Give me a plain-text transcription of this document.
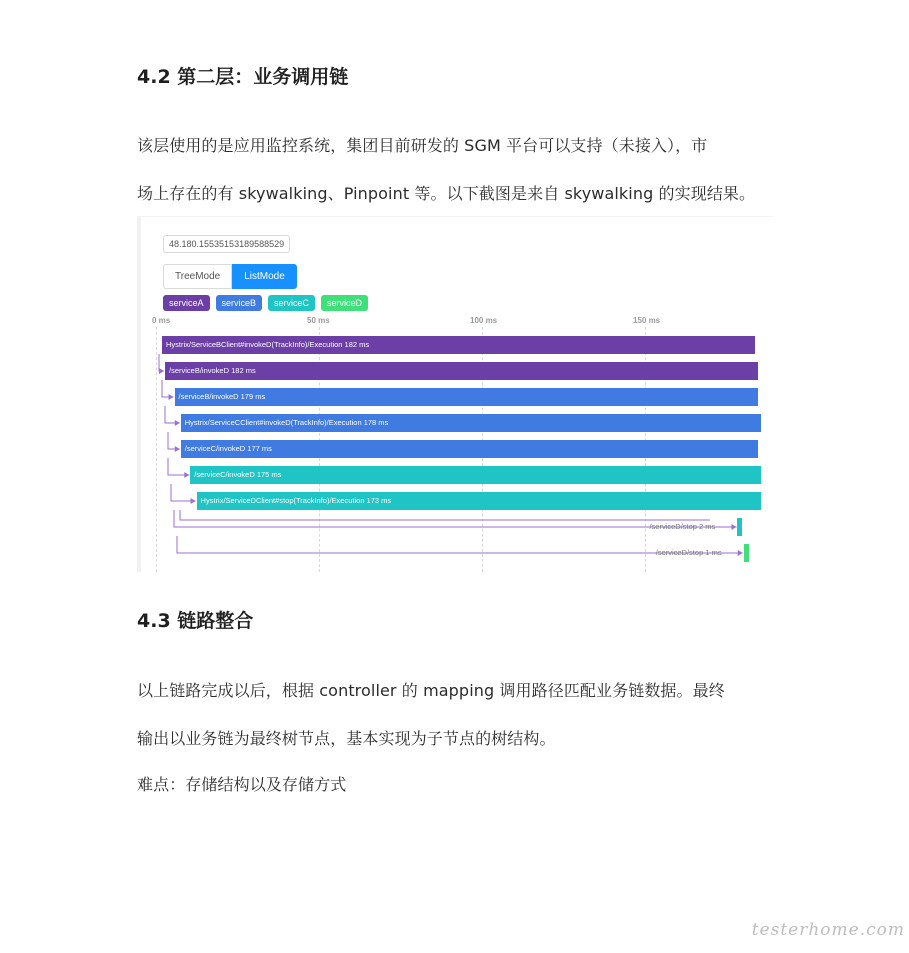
4.2 第二层：业务调用链

该层使用的是应用监控系统，集团目前研发的 SGM 平台可以支持（未接入），市

场上存在的有 skywalking、Pinpoint 等。以下截图是来自 skywalking 的实现结果。

48.180.15535153189588529
TreeMode	ListMode
serviceA	serviceB	serviceC	serviceD
0 ms	50 ms	100 ms	150 ms
Hystrix/ServiceBClient#invokeD(TrackInfo)/Execution 182 ms
/serviceB/invokeD 182 ms
/serviceB/invokeD 179 ms
Hystrix/ServiceCClient#invokeD(TrackInfo)/Execution 178 ms
/serviceC/invokeD 177 ms
/serviceC/invokeD 175 ms
Hystrix/ServiceDClient#stop(TrackInfo)/Execution 173 ms
/serviceD/stop 2 ms
/serviceD/stop 1 ms
4.3 链路整合

以上链路完成以后，根据 controller 的 mapping 调用路径匹配业务链数据。最终

输出以业务链为最终树节点，基本实现为子节点的树结构。

难点：存储结构以及存储方式

testerhome.com
